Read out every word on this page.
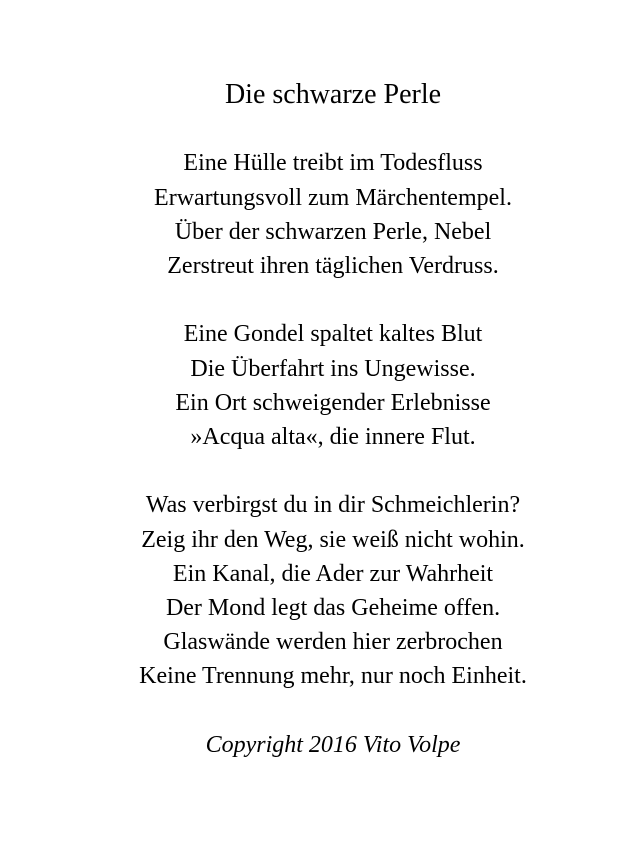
Die schwarze Perle
Eine Hülle treibt im Todesfluss
Erwartungsvoll zum Märchentempel.
Über der schwarzen Perle, Nebel
Zerstreut ihren täglichen Verdruss.
Eine Gondel spaltet kaltes Blut
Die Überfahrt ins Ungewisse.
Ein Ort schweigender Erlebnisse
»Acqua alta«, die innere Flut.
Was verbirgst du in dir Schmeichlerin?
Zeig ihr den Weg, sie weiß nicht wohin.
Ein Kanal, die Ader zur Wahrheit
Der Mond legt das Geheime offen.
Glaswände werden hier zerbrochen
Keine Trennung mehr, nur noch Einheit.
Copyright 2016 Vito Volpe
